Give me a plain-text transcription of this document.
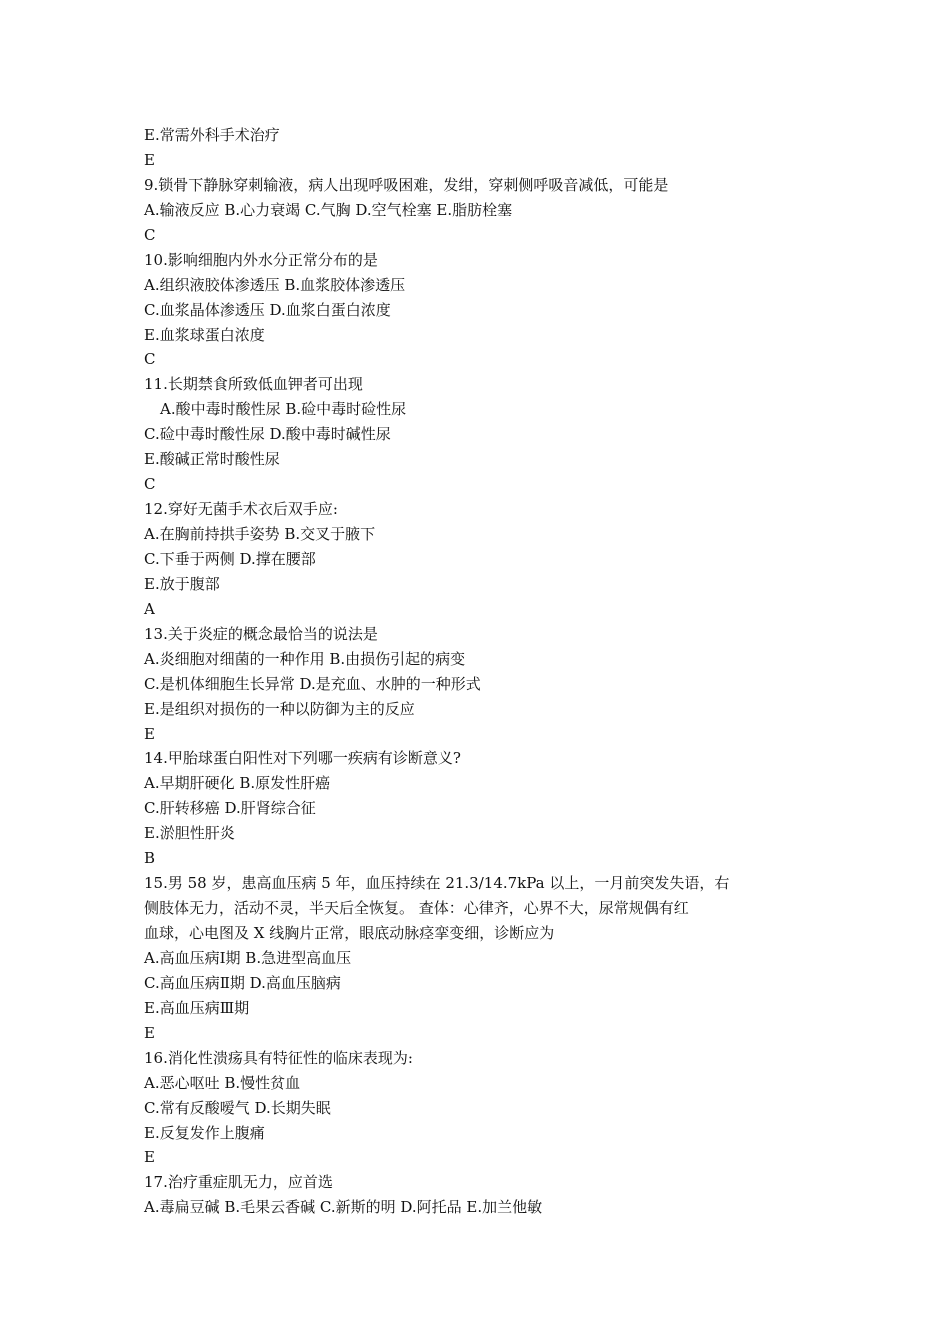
E.常需外科手术治疗
E
9.锁骨下静脉穿刺输液，病人出现呼吸困难，发绀，穿刺侧呼吸音减低，可能是
A.输液反应 B.心力衰竭 C.气胸 D.空气栓塞 E.脂肪栓塞
C
10.影响细胞内外水分正常分布的是
A.组织液胶体渗透压 B.血浆胶体渗透压
C.血浆晶体渗透压 D.血浆白蛋白浓度
E.血浆球蛋白浓度
C
11.长期禁食所致低血钾者可出现
A.酸中毒时酸性尿 B.硷中毒时硷性尿
C.硷中毒时酸性尿 D.酸中毒时碱性尿
E.酸碱正常时酸性尿
C
12.穿好无菌手术衣后双手应:
A.在胸前持拱手姿势 B.交叉于腋下
C.下垂于两侧 D.撑在腰部
E.放于腹部
A
13.关于炎症的概念最恰当的说法是
A.炎细胞对细菌的一种作用 B.由损伤引起的病变
C.是机体细胞生长异常 D.是充血、水肿的一种形式
E.是组织对损伤的一种以防御为主的反应
E
14.甲胎球蛋白阳性对下列哪一疾病有诊断意义?
A.早期肝硬化 B.原发性肝癌
C.肝转移癌 D.肝肾综合征
E.淤胆性肝炎
B
15.男 58 岁，患高血压病 5 年，血压持续在 21.3/14.7kPa 以上，一月前突发失语，右
侧肢体无力，活动不灵，半天后全恢复。 查体：心律齐，心界不大，尿常规偶有红
血球，心电图及 X 线胸片正常，眼底动脉痉挛变细，诊断应为
A.高血压病Ⅰ期 B.急进型高血压
C.高血压病Ⅱ期 D.高血压脑病
E.高血压病Ⅲ期
E
16.消化性溃疡具有特征性的临床表现为:
A.恶心呕吐 B.慢性贫血
C.常有反酸嗳气 D.长期失眠
E.反复发作上腹痛
E
17.治疗重症肌无力，应首选
A.毒扁豆碱 B.毛果云香碱 C.新斯的明 D.阿托品 E.加兰他敏
